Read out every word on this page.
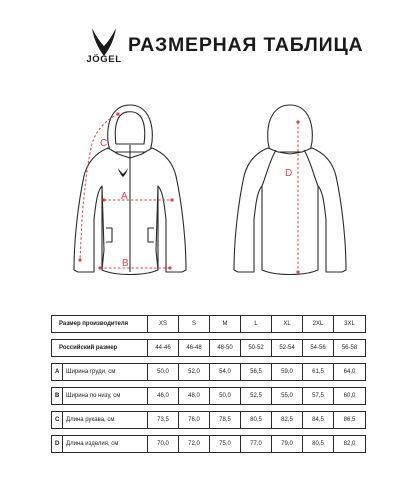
JÖGEL
РАЗМЕРНАЯ ТАБЛИЦА
C
A
B
D
Размер производителя		XS	S	M	L	XL	2XL	3XL

Российский размер		44-46	46-48	48-50	50-52	52-54	54-56	56-58

A	Ширина груди, см	50,0	52,0	54,0	56,5	59,0	61,5	64,0

B	Ширина по низу, см	46,0	48,0	50,0	52,5	55,0	57,5	60,0

C	Длина рукава, см	73,5	76,0	78,5	80,5	82,5	84,5	86,5

D	Длина изделия, см	70,0	72,0	75,0	77,0	79,0	80,5	82,0
